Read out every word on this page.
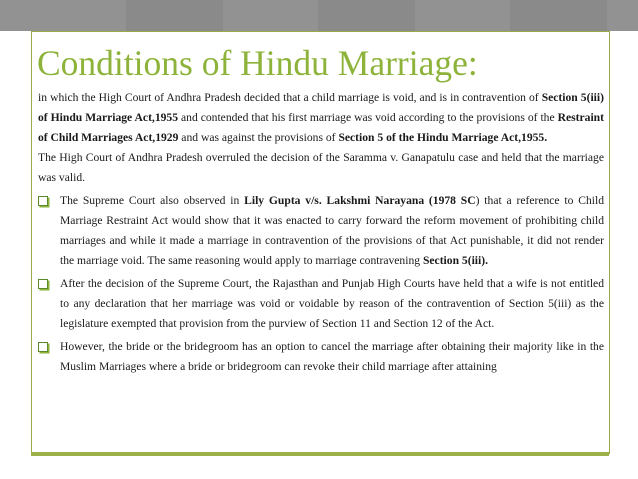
Conditions of Hindu Marriage:

in which the High Court of Andhra Pradesh decided that a child marriage is void, and is in contravention of Section 5(iii) of Hindu Marriage Act,1955 and contended that his first marriage was void according to the provisions of the Restraint of Child Marriages Act,1929 and was against the provisions of Section 5 of the Hindu Marriage Act,1955.

The High Court of Andhra Pradesh overruled the decision of the Saramma v. Ganapatulu case and held that the marriage was valid.

The Supreme Court also observed in Lily Gupta v/s. Lakshmi Narayana (1978 SC) that a reference to Child Marriage Restraint Act would show that it was enacted to carry forward the reform movement of prohibiting child marriages and while it made a marriage in contravention of the provisions of that Act punishable, it did not render the marriage void. The same reasoning would apply to marriage contravening Section 5(iii).
After the decision of the Supreme Court, the Rajasthan and Punjab High Courts have held that a wife is not entitled to any declaration that her marriage was void or voidable by reason of the contravention of Section 5(iii) as the legislature exempted that provision from the purview of Section 11 and Section 12 of the Act.
However, the bride or the bridegroom has an option to cancel the marriage after obtaining their majority like in the Muslim Marriages where a bride or bridegroom can revoke their child marriage after attaining
